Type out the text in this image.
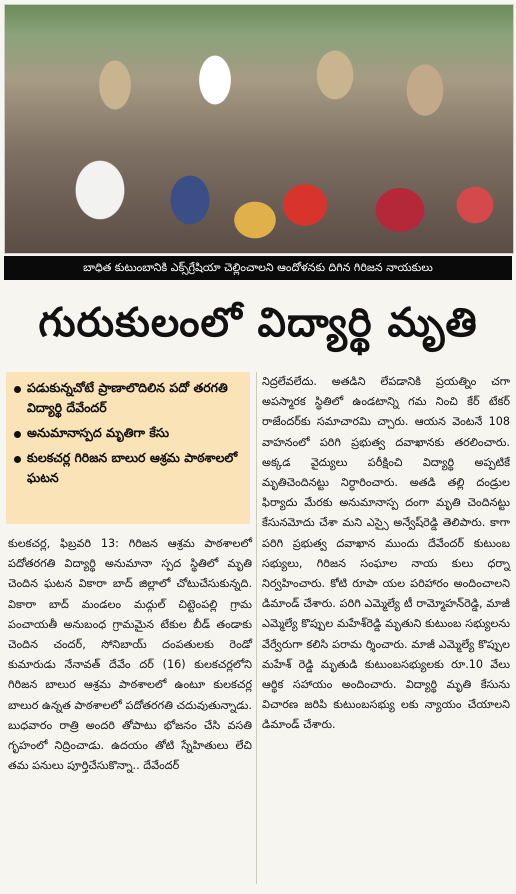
బాధిత కుటుంబానికి ఎక్స్‌గ్రేషియా చెల్లించాలని ఆందోళనకు దిగిన గిరిజన నాయకులు
గురుకులంలో విద్యార్థి మృతి
పడుకున్నచోటే ప్రాణాలొదిలిన పదో తరగతి విద్యార్థి దేవేందర్
అనుమానాస్పద మృతిగా కేసు
కులకచర్ల గిరిజన బాలుర ఆశ్రమ పాఠశాలలో ఘటన

కులకచర్ల, ఫిబ్రవరి 13: గిరిజన ఆశ్రమ పాఠశాలలో పదోతరగతి విద్యార్థి అనుమానా స్పద స్థితిలో మృతి చెందిన ఘటన వికారా బాద్ జిల్లాలో చోటుచేసుకున్నది. వికారా బాద్ మండలం మద్గుల్ చిట్టెంపల్లి గ్రామ పంచాయతీ అనుబంధ గ్రామమైన టేకుల బీడ్ తండాకు చెందిన చందర్, సోనిబాయ్ దంపతులకు రెండో కుమారుడు నేనావత్ దేవేం దర్ (16) కులకచర్లలోని గిరిజన బాలుర ఆశ్రమ పాఠశాలలో ఉంటూ కులకచర్ల బాలుర ఉన్నత పాఠశాలలో పదోతరగతి చదువుతున్నాడు. బుధవారం రాత్రి అందరి తోపాటు భోజనం చేసి వసతి గృహంలో నిద్రించాడు. ఉదయం తోటి స్నేహితులు లేచి తమ పనులు పూర్తిచేసుకొన్నా.. దేవేందర్

నిద్రలేవలేదు. అతడిని లేపడానికి ప్రయత్నిం చగా అపస్మారక స్థితిలో ఉండటాన్ని గమ నించి కేర్ టేకర్ రాజేందర్‌కు సమాచారమి చ్చారు. ఆయన వెంటనే 108 వాహనంలో పరిగి ప్రభుత్వ దవాఖానకు తరలించారు. అక్కడ వైద్యులు పరీక్షించి విద్యార్థి అప్పటికే మృతిచెందినట్టు నిర్ధారించారు. అతడి తల్లి దండ్రుల ఫిర్యాదు మేరకు అనుమానాస్ప దంగా మృతి చెందినట్టు కేసునమోదు చేశా మని ఎస్సై అన్వేష్‌రెడ్డి తెలిపారు. కాగా పరిగి ప్రభుత్వ దవాఖాన ముందు దేవేందర్ కుటుంబ సభ్యులు, గిరిజన సంఘాల నాయ కులు ధర్నా నిర్వహించారు. కోటి రూపా యల పరిహారం అందించాలని డిమాండ్ చేశారు. పరిగి ఎమ్మెల్యే టీ రామ్మోహన్‌రెడ్డి, మాజీ ఎమ్మెల్యే కొప్పుల మహేశ్‌రెడ్డి మృతుని కుటుంబ సభ్యులను వేర్వేరుగా కలిసి పరామ ర్శించారు. మాజీ ఎమ్మెల్యే కొప్పుల మహేశ్ రెడ్డి మృతుడి కుటుంబసభ్యులకు రూ.10 వేలు ఆర్థిక సహాయం అందించారు. విద్యార్థి మృతి కేసును విచారణ జరిపి కుటుంబసభ్యు లకు న్యాయం చేయాలని డిమాండ్ చేశారు.
